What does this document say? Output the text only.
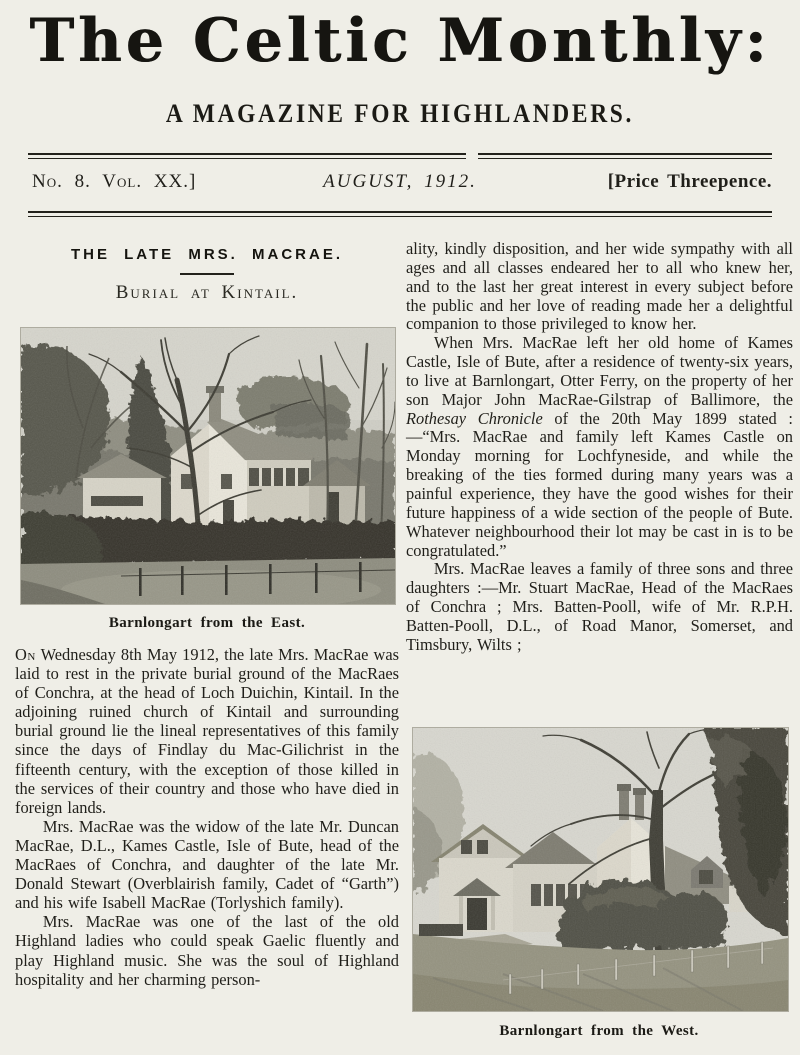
The Celtic Monthly:
A MAGAZINE FOR HIGHLANDERS.
No. 8. Vol. XX.]	AUGUST, 1912.	[Price Threepence.
THE LATE MRS. MACRAE.
Burial at Kintail.
Barnlongart from the East.

On Wednesday 8th May 1912, the late Mrs. MacRae was laid to rest in the private burial ground of the MacRaes of Conchra, at the head of Loch Duichin, Kintail. In the adjoining ruined church of Kintail and surrounding burial ground lie the lineal representatives of this family since the days of Findlay du Mac-Gilichrist in the fifteenth century, with the exception of those killed in the services of their country and those who have died in foreign lands.

Mrs. MacRae was the widow of the late Mr. Duncan MacRae, D.L., Kames Castle, Isle of Bute, head of the MacRaes of Conchra, and daughter of the late Mr. Donald Stewart (Overblairish family, Cadet of “Garth”) and his wife Isabell MacRae (Torlyshich family).

Mrs. MacRae was one of the last of the old Highland ladies who could speak Gaelic fluently and play Highland music. She was the soul of Highland hospitality and her charming person-

ality, kindly disposition, and her wide sympathy with all ages and all classes endeared her to all who knew her, and to the last her great interest in every subject before the public and her love of reading made her a delightful companion to those privileged to know her.

When Mrs. MacRae left her old home of Kames Castle, Isle of Bute, after a residence of twenty-six years, to live at Barnlongart, Otter Ferry, on the property of her son Major John MacRae-Gilstrap of Ballimore, the Rothesay Chronicle of the 20th May 1899 stated :—“Mrs. MacRae and family left Kames Castle on Monday morning for Lochfyneside, and while the breaking of the ties formed during many years was a painful experience, they have the good wishes for their future happiness of a wide section of the people of Bute. Whatever neighbourhood their lot may be cast in is to be congratulated.”

Mrs. MacRae leaves a family of three sons and three daughters :—Mr. Stuart MacRae, Head of the MacRaes of Conchra ; Mrs. Batten-Pooll, wife of Mr. R.P.H. Batten-Pooll, D.L., of Road Manor, Somerset, and Timsbury, Wilts ;

Barnlongart from the West.
